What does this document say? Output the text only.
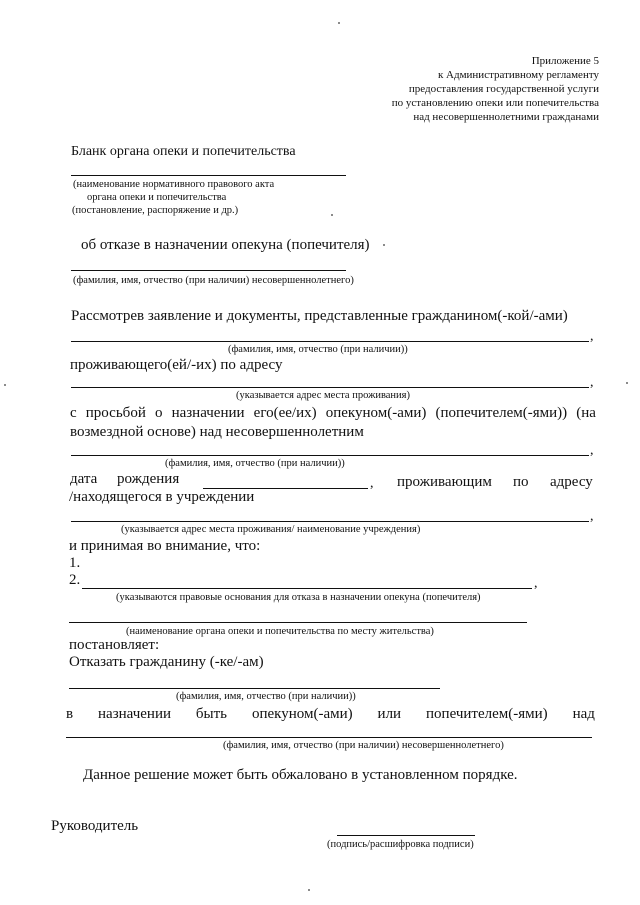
Приложение 5
к Административному регламенту
предоставления государственной услуги
по установлению опеки или попечительства
над несовершеннолетними гражданами
Бланк органа опеки и попечительства
(наименование нормативного правового акта
органа опеки и попечительства
(постановление, распоряжение и др.)
об отказе в назначении опекуна (попечителя)
(фамилия, имя, отчество (при наличии) несовершеннолетнего)
Рассмотрев заявление и документы, представленные гражданином(-кой/-ами)
,
(фамилия, имя, отчество (при наличии))
проживающего(ей/-их) по адресу
,
(указывается адрес места проживания)
с просьбой о назначении его(ее/их) опекуном(-ами) (попечителем(-ями)) (на
возмездной основе) над несовершеннолетним
,
(фамилия, имя, отчество (при наличии))
дата рождения	, проживающим по адресу
/находящегося в учреждении
,
(указывается адрес места проживания/ наименование учреждения)
и принимая во внимание, что:
1.
2.	,
(указываются правовые основания для отказа в назначении опекуна (попечителя)
(наименование органа опеки и попечительства по месту жительства)
постановляет:
Отказать гражданину (-ке/-ам)
(фамилия, имя, отчество (при наличии))
в назначении быть опекуном(-ами) или попечителем(-ями) над
(фамилия, имя, отчество (при наличии) несовершеннолетнего)
Данное решение может быть обжаловано в установленном порядке.
Руководитель
(подпись/расшифровка подписи)
